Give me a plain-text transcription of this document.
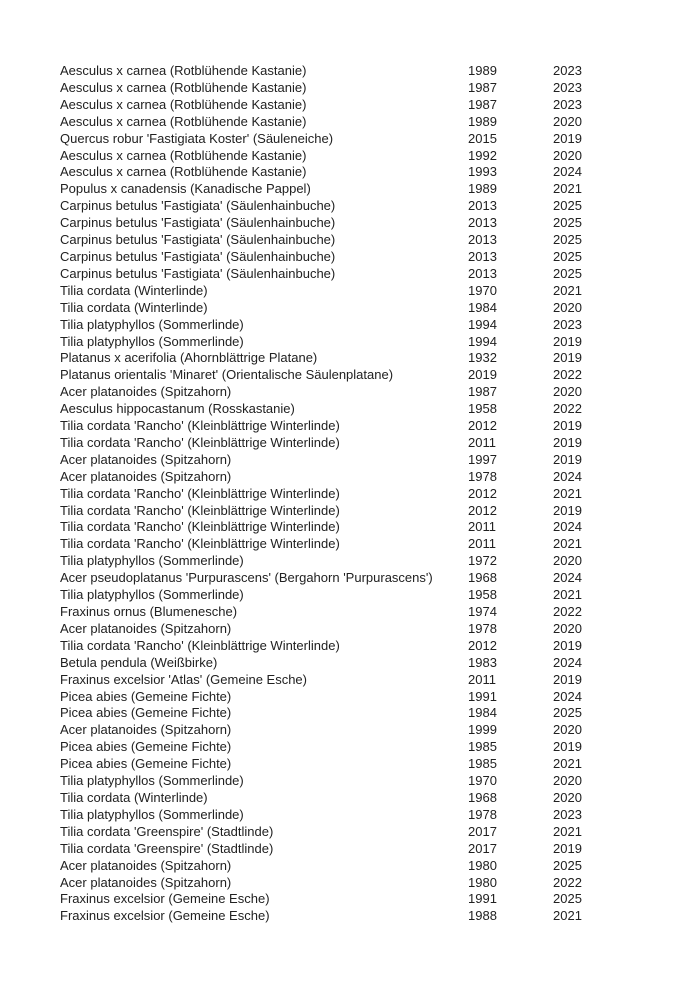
Aesculus x carnea (Rotblühende Kastanie)	1989	2023
Aesculus x carnea (Rotblühende Kastanie)	1987	2023
Aesculus x carnea (Rotblühende Kastanie)	1987	2023
Aesculus x carnea (Rotblühende Kastanie)	1989	2020
Quercus robur 'Fastigiata Koster' (Säuleneiche)	2015	2019
Aesculus x carnea (Rotblühende Kastanie)	1992	2020
Aesculus x carnea (Rotblühende Kastanie)	1993	2024
Populus x canadensis (Kanadische Pappel)	1989	2021
Carpinus betulus 'Fastigiata' (Säulenhainbuche)	2013	2025
Carpinus betulus 'Fastigiata' (Säulenhainbuche)	2013	2025
Carpinus betulus 'Fastigiata' (Säulenhainbuche)	2013	2025
Carpinus betulus 'Fastigiata' (Säulenhainbuche)	2013	2025
Carpinus betulus 'Fastigiata' (Säulenhainbuche)	2013	2025
Tilia cordata (Winterlinde)	1970	2021
Tilia cordata (Winterlinde)	1984	2020
Tilia platyphyllos (Sommerlinde)	1994	2023
Tilia platyphyllos (Sommerlinde)	1994	2019
Platanus x acerifolia (Ahornblättrige Platane)	1932	2019
Platanus orientalis 'Minaret' (Orientalische Säulenplatane)	2019	2022
Acer platanoides (Spitzahorn)	1987	2020
Aesculus hippocastanum (Rosskastanie)	1958	2022
Tilia cordata 'Rancho' (Kleinblättrige Winterlinde)	2012	2019
Tilia cordata 'Rancho' (Kleinblättrige Winterlinde)	2011	2019
Acer platanoides (Spitzahorn)	1997	2019
Acer platanoides (Spitzahorn)	1978	2024
Tilia cordata 'Rancho' (Kleinblättrige Winterlinde)	2012	2021
Tilia cordata 'Rancho' (Kleinblättrige Winterlinde)	2012	2019
Tilia cordata 'Rancho' (Kleinblättrige Winterlinde)	2011	2024
Tilia cordata 'Rancho' (Kleinblättrige Winterlinde)	2011	2021
Tilia platyphyllos (Sommerlinde)	1972	2020
Acer pseudoplatanus 'Purpurascens' (Bergahorn 'Purpurascens')	1968	2024
Tilia platyphyllos (Sommerlinde)	1958	2021
Fraxinus ornus (Blumenesche)	1974	2022
Acer platanoides (Spitzahorn)	1978	2020
Tilia cordata 'Rancho' (Kleinblättrige Winterlinde)	2012	2019
Betula pendula (Weißbirke)	1983	2024
Fraxinus excelsior 'Atlas' (Gemeine Esche)	2011	2019
Picea abies (Gemeine Fichte)	1991	2024
Picea abies (Gemeine Fichte)	1984	2025
Acer platanoides (Spitzahorn)	1999	2020
Picea abies (Gemeine Fichte)	1985	2019
Picea abies (Gemeine Fichte)	1985	2021
Tilia platyphyllos (Sommerlinde)	1970	2020
Tilia cordata (Winterlinde)	1968	2020
Tilia platyphyllos (Sommerlinde)	1978	2023
Tilia cordata 'Greenspire' (Stadtlinde)	2017	2021
Tilia cordata 'Greenspire' (Stadtlinde)	2017	2019
Acer platanoides (Spitzahorn)	1980	2025
Acer platanoides (Spitzahorn)	1980	2022
Fraxinus excelsior (Gemeine Esche)	1991	2025
Fraxinus excelsior (Gemeine Esche)	1988	2021
